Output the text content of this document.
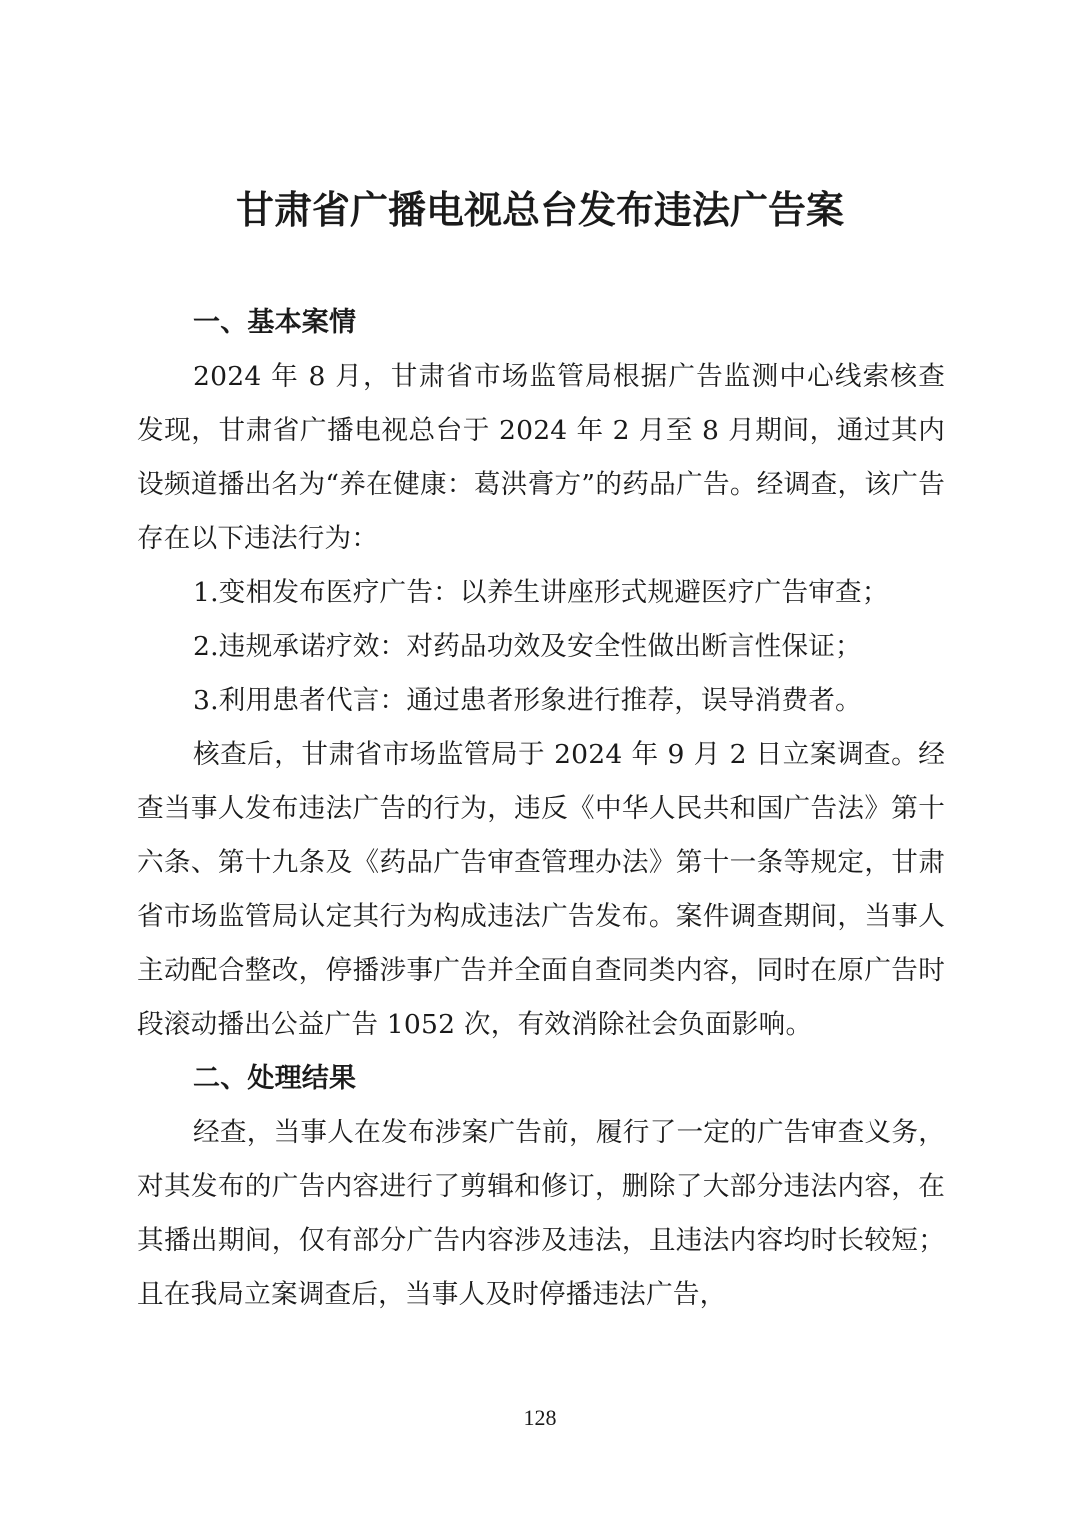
甘肃省广播电视总台发布违法广告案

一、基本案情

2024 年 8 月，甘肃省市场监管局根据广告监测中心线索核查发现，甘肃省广播电视总台于 2024 年 2 月至 8 月期间，通过其内设频道播出名为“养在健康：葛洪膏方”的药品广告。经调查，该广告存在以下违法行为：

1.变相发布医疗广告：以养生讲座形式规避医疗广告审查；

2.违规承诺疗效：对药品功效及安全性做出断言性保证；

3.利用患者代言：通过患者形象进行推荐，误导消费者。

核查后，甘肃省市场监管局于 2024 年 9 月 2 日立案调查。经查当事人发布违法广告的行为，违反《中华人民共和国广告法》第十六条、第十九条及《药品广告审查管理办法》第十一条等规定，甘肃省市场监管局认定其行为构成违法广告发布。案件调查期间，当事人主动配合整改，停播涉事广告并全面自查同类内容，同时在原广告时段滚动播出公益广告 1052 次，有效消除社会负面影响。

二、处理结果

经查，当事人在发布涉案广告前，履行了一定的广告审查义务，对其发布的广告内容进行了剪辑和修订，删除了大部分违法内容，在其播出期间，仅有部分广告内容涉及违法，且违法内容均时长较短；且在我局立案调查后，当事人及时停播违法广告，

128
